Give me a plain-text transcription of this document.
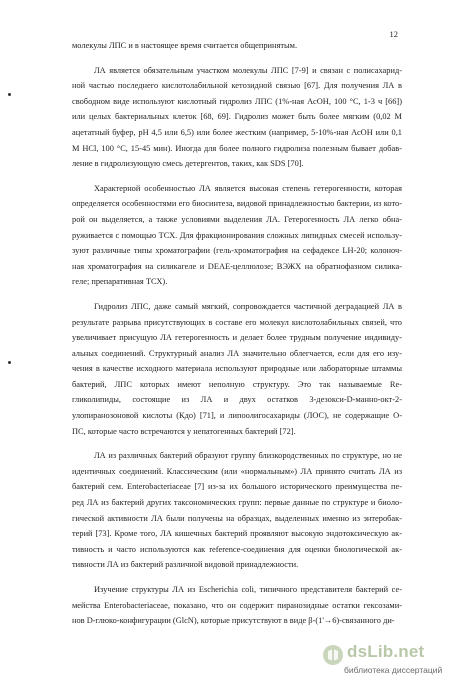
12
молекулы ЛПС и в настоящее время считается общепринятым.
ЛА является обязательным участком молекулы ЛПС [7-9] и связан с полисахарид-
ной частью последнего кислотолабильной кетозидной связью [67]. Для получения ЛА в
свободном виде используют кислотный гидролиз ЛПС (1%-ная АсОН, 100 °С, 1-3 ч [66])
или целых бактериальных клеток [68, 69]. Гидролиз может быть более мягким (0,02 М
ацетатный буфер, pH 4,5 или 6,5) или более жестким (например, 5-10%-ная АсОН или 0,1
М HCl, 100 °С, 15-45 мин). Иногда для более полного гидролиза полезным бывает добав-
ление в гидролизующую смесь детергентов, таких, как SDS [70].
Характерной особенностью ЛА является высокая степень гетерогенности, которая
определяется особенностями его биосинтеза, видовой принадлежностью бактерии, из кото-
рой он выделяется, а также условиями выделения ЛА. Гетерогенность ЛА легко обна-
руживается с помощью ТСХ. Для фракционирования сложных липидных смесей использу-
зуют различные типы хроматографии (гель-хроматография на сефадексе LH-20; колоноч-
ная хроматография на силикагеле и DEAE-целлюлозе; ВЭЖХ на обратнофазном силика-
геле; препаративная ТСХ).
Гидролиз ЛПС, даже самый мягкий, сопровождается частичной деградацией ЛА в
результате разрыва присутствующих в составе его молекул кислотолабильных связей, что
увеличивает присущую ЛА гетерогенность и делает более трудным получение индивиду-
альных соединений. Структурный анализ ЛА значительно облегчается, если для его изу-
чения в качестве исходного материала используют природные или лабораторные штаммы
бактерий, ЛПС которых имеют неполную структуру. Это так называемые Re-
гликолипиды, состоящие из ЛА и двух остатков 3-дезокси-D-манно-окт-2-
улопиранозоновой кислоты (Кдо) [71], и липоолигосахариды (ЛОС), не содержащие О-
ПС, которые часто встречаются у непатогенных бактерий [72].
ЛА из различных бактерий образуют группу близкородственных по структуре, но не
идентичных соединений. Классическим (или «нормальным») ЛА принято считать ЛА из
бактерий сем. Enterobacteriaceae [7] из-за их большого исторического преимущества пе-
ред ЛА из бактерий других таксономических групп: первые данные по структуре и биоло-
гической активности ЛА были получены на образцах, выделенных именно из энтеробак-
терий [73]. Кроме того, ЛА кишечных бактерий проявляют высокую эндотоксическую ак-
тивность и часто используются как reference-соединения для оценки биологической ак-
тивности ЛА из бактерий различной видовой принадлежности.
Изучение структуры ЛА из Escherichia coli, типичного представителя бактерий се-
мейства Enterobacteriaceae, показано, что он содержит пиранозидные остатки гексозами-
нов D-глюко-конфигурации (GlcN), которые присутствуют в виде β-(1'→6)-связанного ди-
dsLib.net
библиотека диссертаций
